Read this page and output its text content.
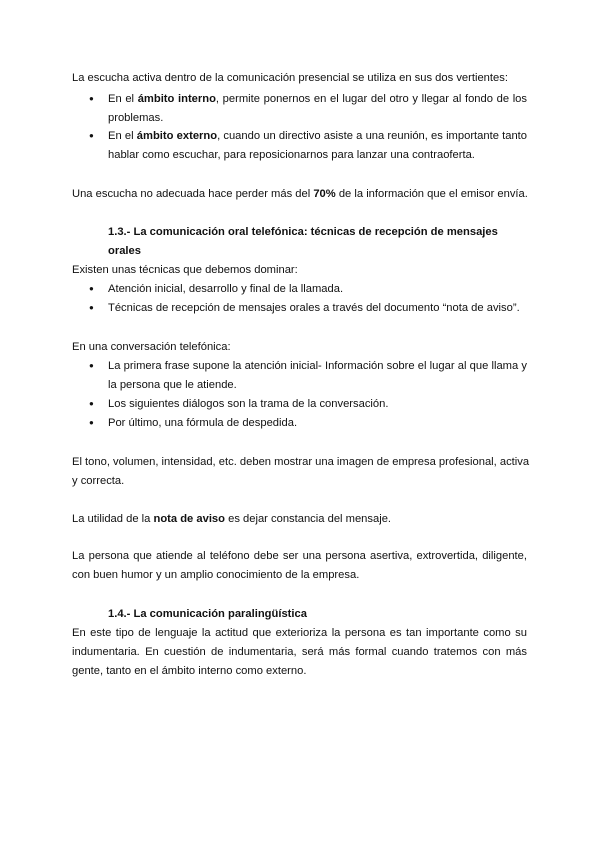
La escucha activa dentro de la comunicación presencial se utiliza en sus dos vertientes:
● En el ámbito interno, permite ponernos en el lugar del otro y llegar al fondo de los
problemas.
● En el ámbito externo, cuando un directivo asiste a una reunión, es importante tanto
hablar como escuchar, para reposicionarnos para lanzar una contraoferta.
Una escucha no adecuada hace perder más del 70% de la información que el emisor envía.
1.3.- La comunicación oral telefónica: técnicas de recepción de mensajes
orales
Existen unas técnicas que debemos dominar:
● Atención inicial, desarrollo y final de la llamada.
● Técnicas de recepción de mensajes orales a través del documento “nota de aviso”.
En una conversación telefónica:
● La primera frase supone la atención inicial- Información sobre el lugar al que llama y
la persona que le atiende.
● Los siguientes diálogos son la trama de la conversación.
● Por último, una fórmula de despedida.
El tono, volumen, intensidad, etc. deben mostrar una imagen de empresa profesional, activa
y correcta.
La utilidad de la nota de aviso es dejar constancia del mensaje.
La persona que atiende al teléfono debe ser una persona asertiva, extrovertida, diligente,
con buen humor y un amplio conocimiento de la empresa.
1.4.- La comunicación paralingüística
En este tipo de lenguaje la actitud que exterioriza la persona es tan importante como su
indumentaria. En cuestión de indumentaria, será más formal cuando tratemos con más
gente, tanto en el ámbito interno como externo.
